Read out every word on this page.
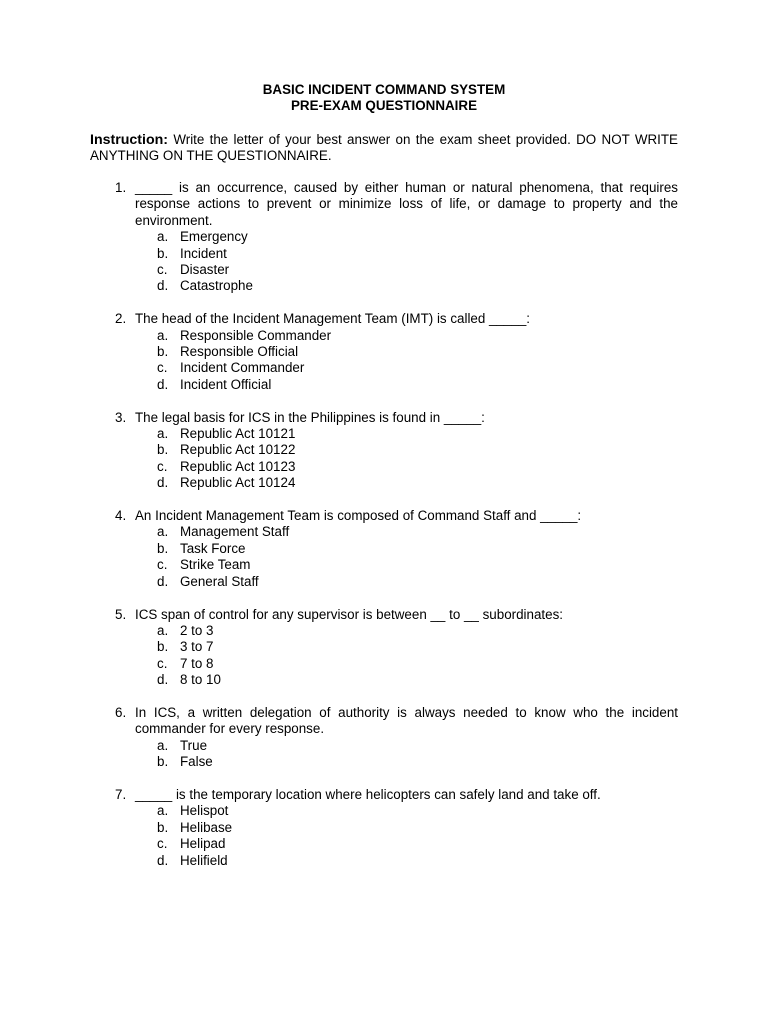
BASIC INCIDENT COMMAND SYSTEM
PRE-EXAM QUESTIONNAIRE
Instruction: Write the letter of your best answer on the exam sheet provided. DO NOT WRITE ANYTHING ON THE QUESTIONNAIRE.
1. _____ is an occurrence, caused by either human or natural phenomena, that requires response actions to prevent or minimize loss of life, or damage to property and the environment.
a. Emergency
b. Incident
c. Disaster
d. Catastrophe
2. The head of the Incident Management Team (IMT) is called _____:
a. Responsible Commander
b. Responsible Official
c. Incident Commander
d. Incident Official
3. The legal basis for ICS in the Philippines is found in _____:
a. Republic Act 10121
b. Republic Act 10122
c. Republic Act 10123
d. Republic Act 10124
4. An Incident Management Team is composed of Command Staff and _____:
a. Management Staff
b. Task Force
c. Strike Team
d. General Staff
5. ICS span of control for any supervisor is between __ to __ subordinates:
a. 2 to 3
b. 3 to 7
c. 7 to 8
d. 8 to 10
6. In ICS, a written delegation of authority is always needed to know who the incident commander for every response.
a. True
b. False
7. _____ is the temporary location where helicopters can safely land and take off.
a. Helispot
b. Helibase
c. Helipad
d. Helifield
